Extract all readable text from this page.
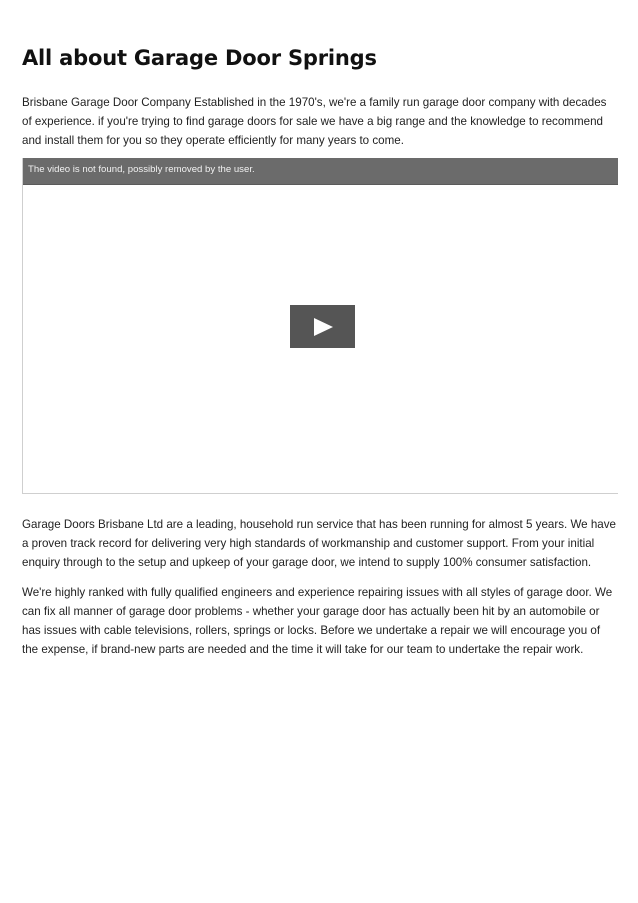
All about Garage Door Springs

Brisbane Garage Door Company Established in the 1970's, we're a family run garage door company with decades of experience. if you're trying to find garage doors for sale we have a big range and the knowledge to recommend and install them for you so they operate efficiently for many years to come.

The video is not found, possibly removed by the user.

Garage Doors Brisbane Ltd are a leading, household run service that has been running for almost 5 years. We have a proven track record for delivering very high standards of workmanship and customer support. From your initial enquiry through to the setup and upkeep of your garage door, we intend to supply 100% consumer satisfaction.

We're highly ranked with fully qualified engineers and experience repairing issues with all styles of garage door. We can fix all manner of garage door problems - whether your garage door has actually been hit by an automobile or has issues with cable televisions, rollers, springs or locks. Before we undertake a repair we will encourage you of the expense, if brand-new parts are needed and the time it will take for our team to undertake the repair work.
